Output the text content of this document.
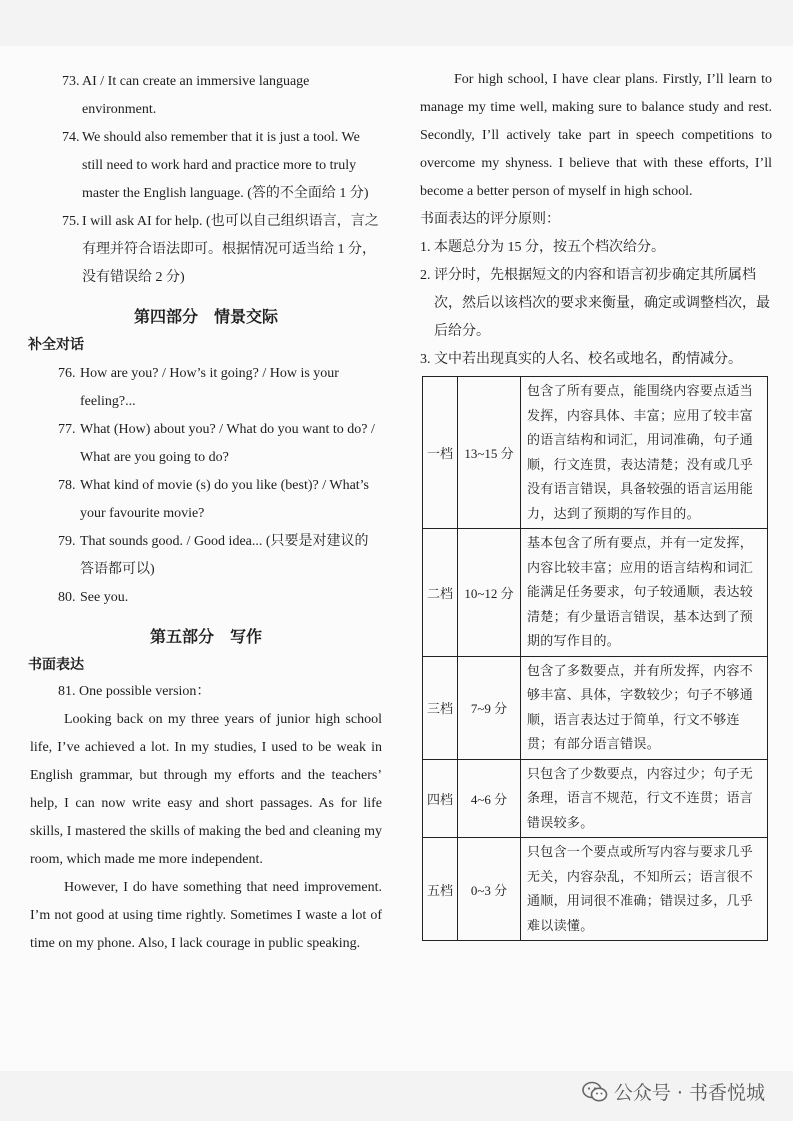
73. AI / It can create an immersive language environment.
74. We should also remember that it is just a tool. We still need to work hard and practice more to truly master the English language. (答的不全面给 1 分)
75. I will ask AI for help. (也可以自己组织语言，言之有理并符合语法即可。根据情况可适当给 1 分，没有错误给 2 分)
第四部分　情景交际
补全对话
76. How are you? / How’s it going? / How is your feeling?...
77. What (How) about you? / What do you want to do? / What are you going to do?
78. What kind of movie (s) do you like (best)? / What’s your favourite movie?
79. That sounds good. / Good idea... (只要是对建议的答语都可以)
80. See you.
第五部分　写作
书面表达
81. One possible version：
Looking back on my three years of junior high school life, I’ve achieved a lot. In my studies, I used to be weak in English grammar, but through my efforts and the teachers’ help, I can now write easy and short passages. As for life skills, I mastered the skills of making the bed and cleaning my room, which made me more independent.
However, I do have something that need improvement. I’m not good at using time rightly. Sometimes I waste a lot of time on my phone. Also, I lack courage in public speaking.
For high school, I have clear plans. Firstly, I’ll learn to manage my time well, making sure to balance study and rest. Secondly, I’ll actively take part in speech competitions to overcome my shyness. I believe that with these efforts, I’ll become a better person of myself in high school.
书面表达的评分原则：
1. 本题总分为 15 分，按五个档次给分。
2. 评分时，先根据短文的内容和语言初步确定其所属档次，然后以该档次的要求来衡量，确定或调整档次，最后给分。
3. 文中若出现真实的人名、校名或地名，酌情减分。
一档	13~15 分	包含了所有要点，能围绕内容要点适当发挥，内容具体、丰富；应用了较丰富的语言结构和词汇，用词准确，句子通顺，行文连贯，表达清楚；没有或几乎没有语言错误，具备较强的语言运用能力，达到了预期的写作目的。
二档	10~12 分	基本包含了所有要点，并有一定发挥，内容比较丰富；应用的语言结构和词汇能满足任务要求，句子较通顺，表达较清楚；有少量语言错误，基本达到了预期的写作目的。
三档	7~9 分	包含了多数要点，并有所发挥，内容不够丰富、具体，字数较少；句子不够通顺，语言表达过于简单，行文不够连贯；有部分语言错误。
四档	4~6 分	只包含了少数要点，内容过少；句子无条理，语言不规范，行文不连贯；语言错误较多。
五档	0~3 分	只包含一个要点或所写内容与要求几乎无关，内容杂乱，不知所云；语言很不通顺，用词很不准确；错误过多，几乎难以读懂。
公众号 · 书香悦城
